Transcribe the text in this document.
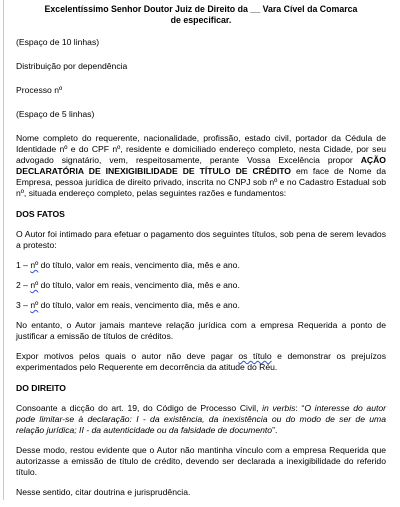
Excelentíssimo Senhor Doutor Juiz de Direito da __ Vara Cível da Comarca
de especificar.
(Espaço de 10 linhas)
Distribuição por dependência
Processo nº
(Espaço de 5 linhas)

Nome completo do requerente, nacionalidade, profissão, estado civil, portador da Cédula de Identidade nº e do CPF nº, residente e domiciliado endereço completo, nesta Cidade, por seu advogado signatário, vem, respeitosamente, perante Vossa Excelência propor AÇÃO DECLARATÓRIA DE INEXIGIBILIDADE DE TÍTULO DE CRÉDITO em face de Nome da Empresa, pessoa jurídica de direito privado, inscrita no CNPJ sob nº e no Cadastro Estadual sob nº, situada endereço completo, pelas seguintes razões e fundamentos:

DOS FATOS

O Autor foi intimado para efetuar o pagamento dos seguintes títulos, sob pena de serem levados a protesto:

1 – nº do título, valor em reais, vencimento dia, mês e ano.

2 – nº do título, valor em reais, vencimento dia, mês e ano.

3 – nº do título, valor em reais, vencimento dia, mês e ano.

No entanto, o Autor jamais manteve relação jurídica com a empresa Requerida a ponto de justificar a emissão de títulos de créditos.

Expor motivos pelos quais o autor não deve pagar os título e demonstrar os prejuízos experimentados pelo Requerente em decorrência da atitude do Réu.

DO DIREITO

Consoante a dicção do art. 19, do Código de Processo Civil, in verbis: “O interesse do autor pode limitar-se à declaração: I - da existência, da inexistência ou do modo de ser de uma relação jurídica; II - da autenticidade ou da falsidade de documento”.

Desse modo, restou evidente que o Autor não mantinha vínculo com a empresa Requerida que autorizasse a emissão de título de crédito, devendo ser declarada a inexigibilidade do referido título.

Nesse sentido, citar doutrina e jurisprudência.
